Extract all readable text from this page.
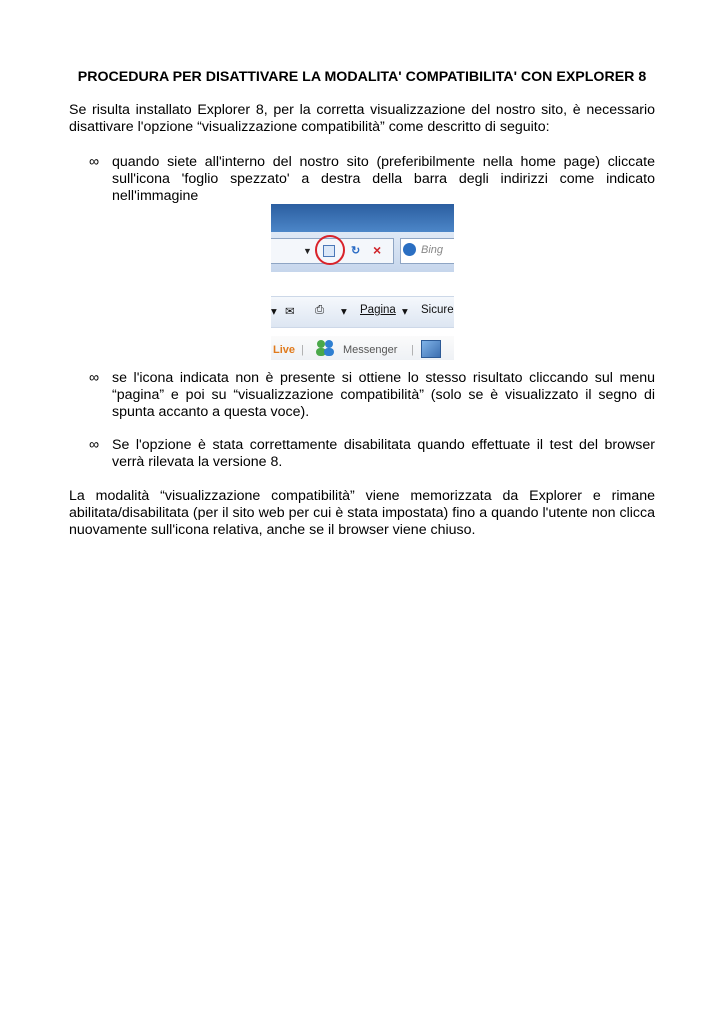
PROCEDURA PER DISATTIVARE LA MODALITA' COMPATIBILITA' CON EXPLORER 8

Se risulta installato Explorer 8, per la corretta visualizzazione del nostro sito, è necessario disattivare l'opzione “visualizzazione compatibilità” come descritto di seguito:

∞ quando siete all'interno del nostro sito (preferibilmente nella home page) cliccate sull'icona 'foglio spezzato' a destra della barra degli indirizzi come indicato nell'immagine
∞ se l'icona indicata non è presente si ottiene lo stesso risultato cliccando sul menu “pagina” e poi su “visualizzazione compatibilità” (solo se è visualizzato il segno di spunta accanto a questa voce).
∞ Se l'opzione è stata correttamente disabilitata quando effettuate il test del browser verrà rilevata la versione 8.

La modalità “visualizzazione compatibilità” viene memorizzata da Explorer e rimane abilitata/disabilitata (per il sito web per cui è stata impostata) fino a quando l'utente non clicca nuovamente sull'icona relativa, anche se il browser viene chiuso.

▼	↻ ×	Bing
▾ ✉ ⎙ ▾ Pagina ▾ Sicure
Live |	Messenger |
